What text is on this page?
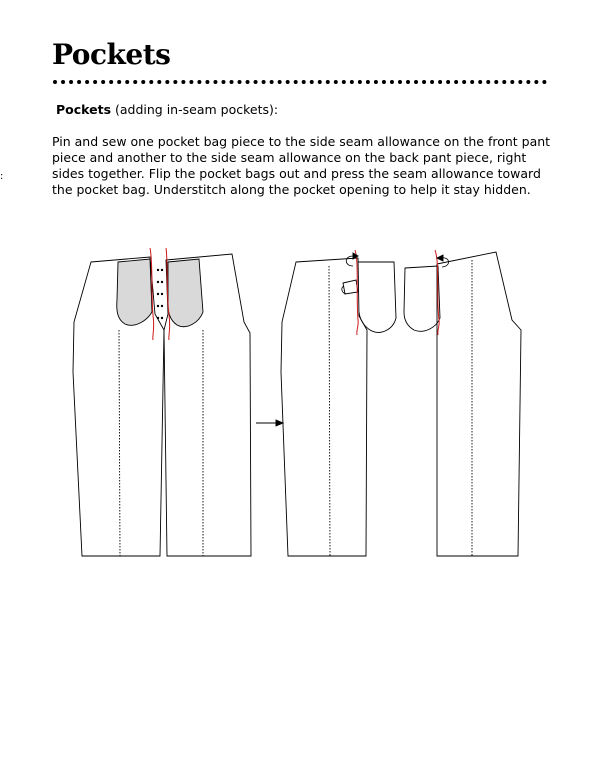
Pockets
Pockets (adding in-seam pockets):

Pin and sew one pocket bag piece to the side seam allowance on the front pant piece and another to the side seam allowance on the back pant piece, right sides together. Flip the pocket bags out and press the seam allowance toward the pocket bag. Understitch along the pocket opening to help it stay hidden.

:
